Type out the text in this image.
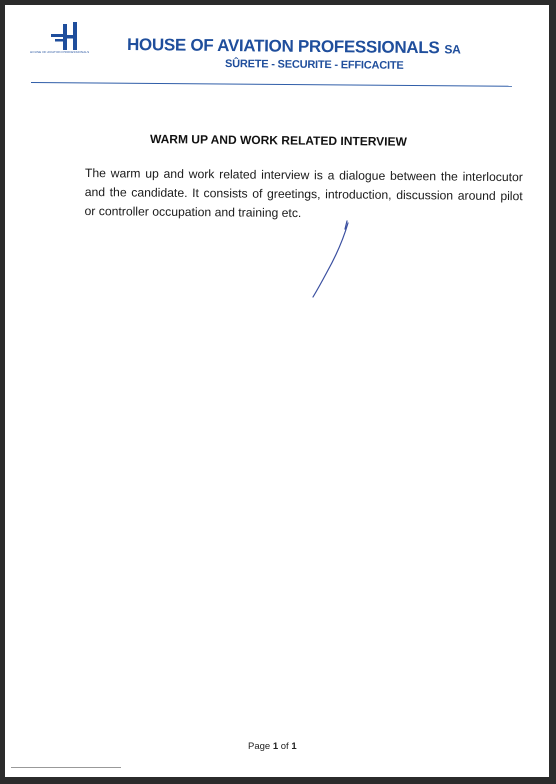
HOUSE OF AVIATION PROFESSIONALS HOUSE OF AVIATION PROFESSIONALS SA
SÛRETE - SECURITE - EFFICACITE
WARM UP AND WORK RELATED INTERVIEW
The warm up and work related interview is a dialogue between the interlocutor and the candidate. It consists of greetings, introduction, discussion around pilot or controller occupation and training etc.
Page 1 of 1
